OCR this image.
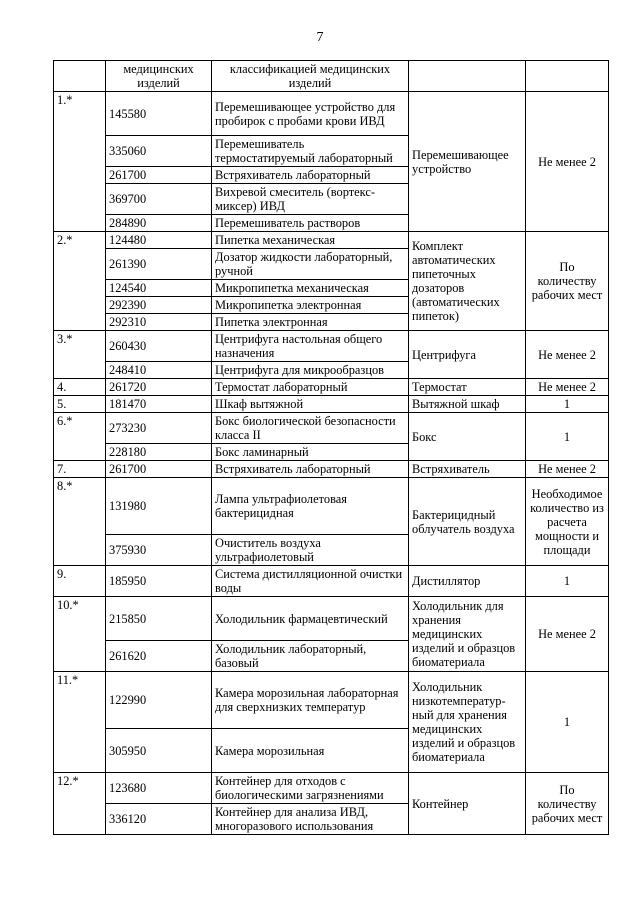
7
	медицинских изделий	классификацией медицинских изделий		
1.*	145580	Перемешивающее устройство для пробирок с пробами крови ИВД	Перемешивающее устройство	Не менее 2
	335060	Перемешиватель термостатируемый лабораторный		
	261700	Встряхиватель лабораторный		
	369700	Вихревой смеситель (вортекс-миксер) ИВД		
	284890	Перемешиватель растворов		
2.*	124480	Пипетка механическая	Комплект автоматических пипеточных дозаторов (автоматических пипеток)	По количеству рабочих мест
	261390	Дозатор жидкости лабораторный, ручной		
	124540	Микропипетка механическая		
	292390	Микропипетка электронная		
	292310	Пипетка электронная		
3.*	260430	Центрифуга настольная общего назначения	Центрифуга	Не менее 2
	248410	Центрифуга для микрообразцов		
4.	261720	Термостат лабораторный	Термостат	Не менее 2
5.	181470	Шкаф вытяжной	Вытяжной шкаф	1
6.*	273230	Бокс биологической безопасности класса II	Бокс	1
	228180	Бокс ламинарный		
7.	261700	Встряхиватель лабораторный	Встряхиватель	Не менее 2
8.*	131980	Лампа ультрафиолетовая бактерицидная	Бактерицидный облучатель воздуха	Необходимое количество из расчета мощности и площади
	375930	Очиститель воздуха ультрафиолетовый		
9.	185950	Система дистилляционной очистки воды	Дистиллятор	1
10.*	215850	Холодильник фармацевтический	Холодильник для хранения медицинских изделий и образцов биоматериала	Не менее 2
	261620	Холодильник лабораторный, базовый		
11.*	122990	Камера морозильная лабораторная для сверхнизких температур	Холодильник низкотемператур-ный для хранения медицинских изделий и образцов биоматериала	1
	305950	Камера морозильная		
12.*	123680	Контейнер для отходов с биологическими загрязнениями	Контейнер	По количеству рабочих мест
	336120	Контейнер для анализа ИВД, многоразового использования		
